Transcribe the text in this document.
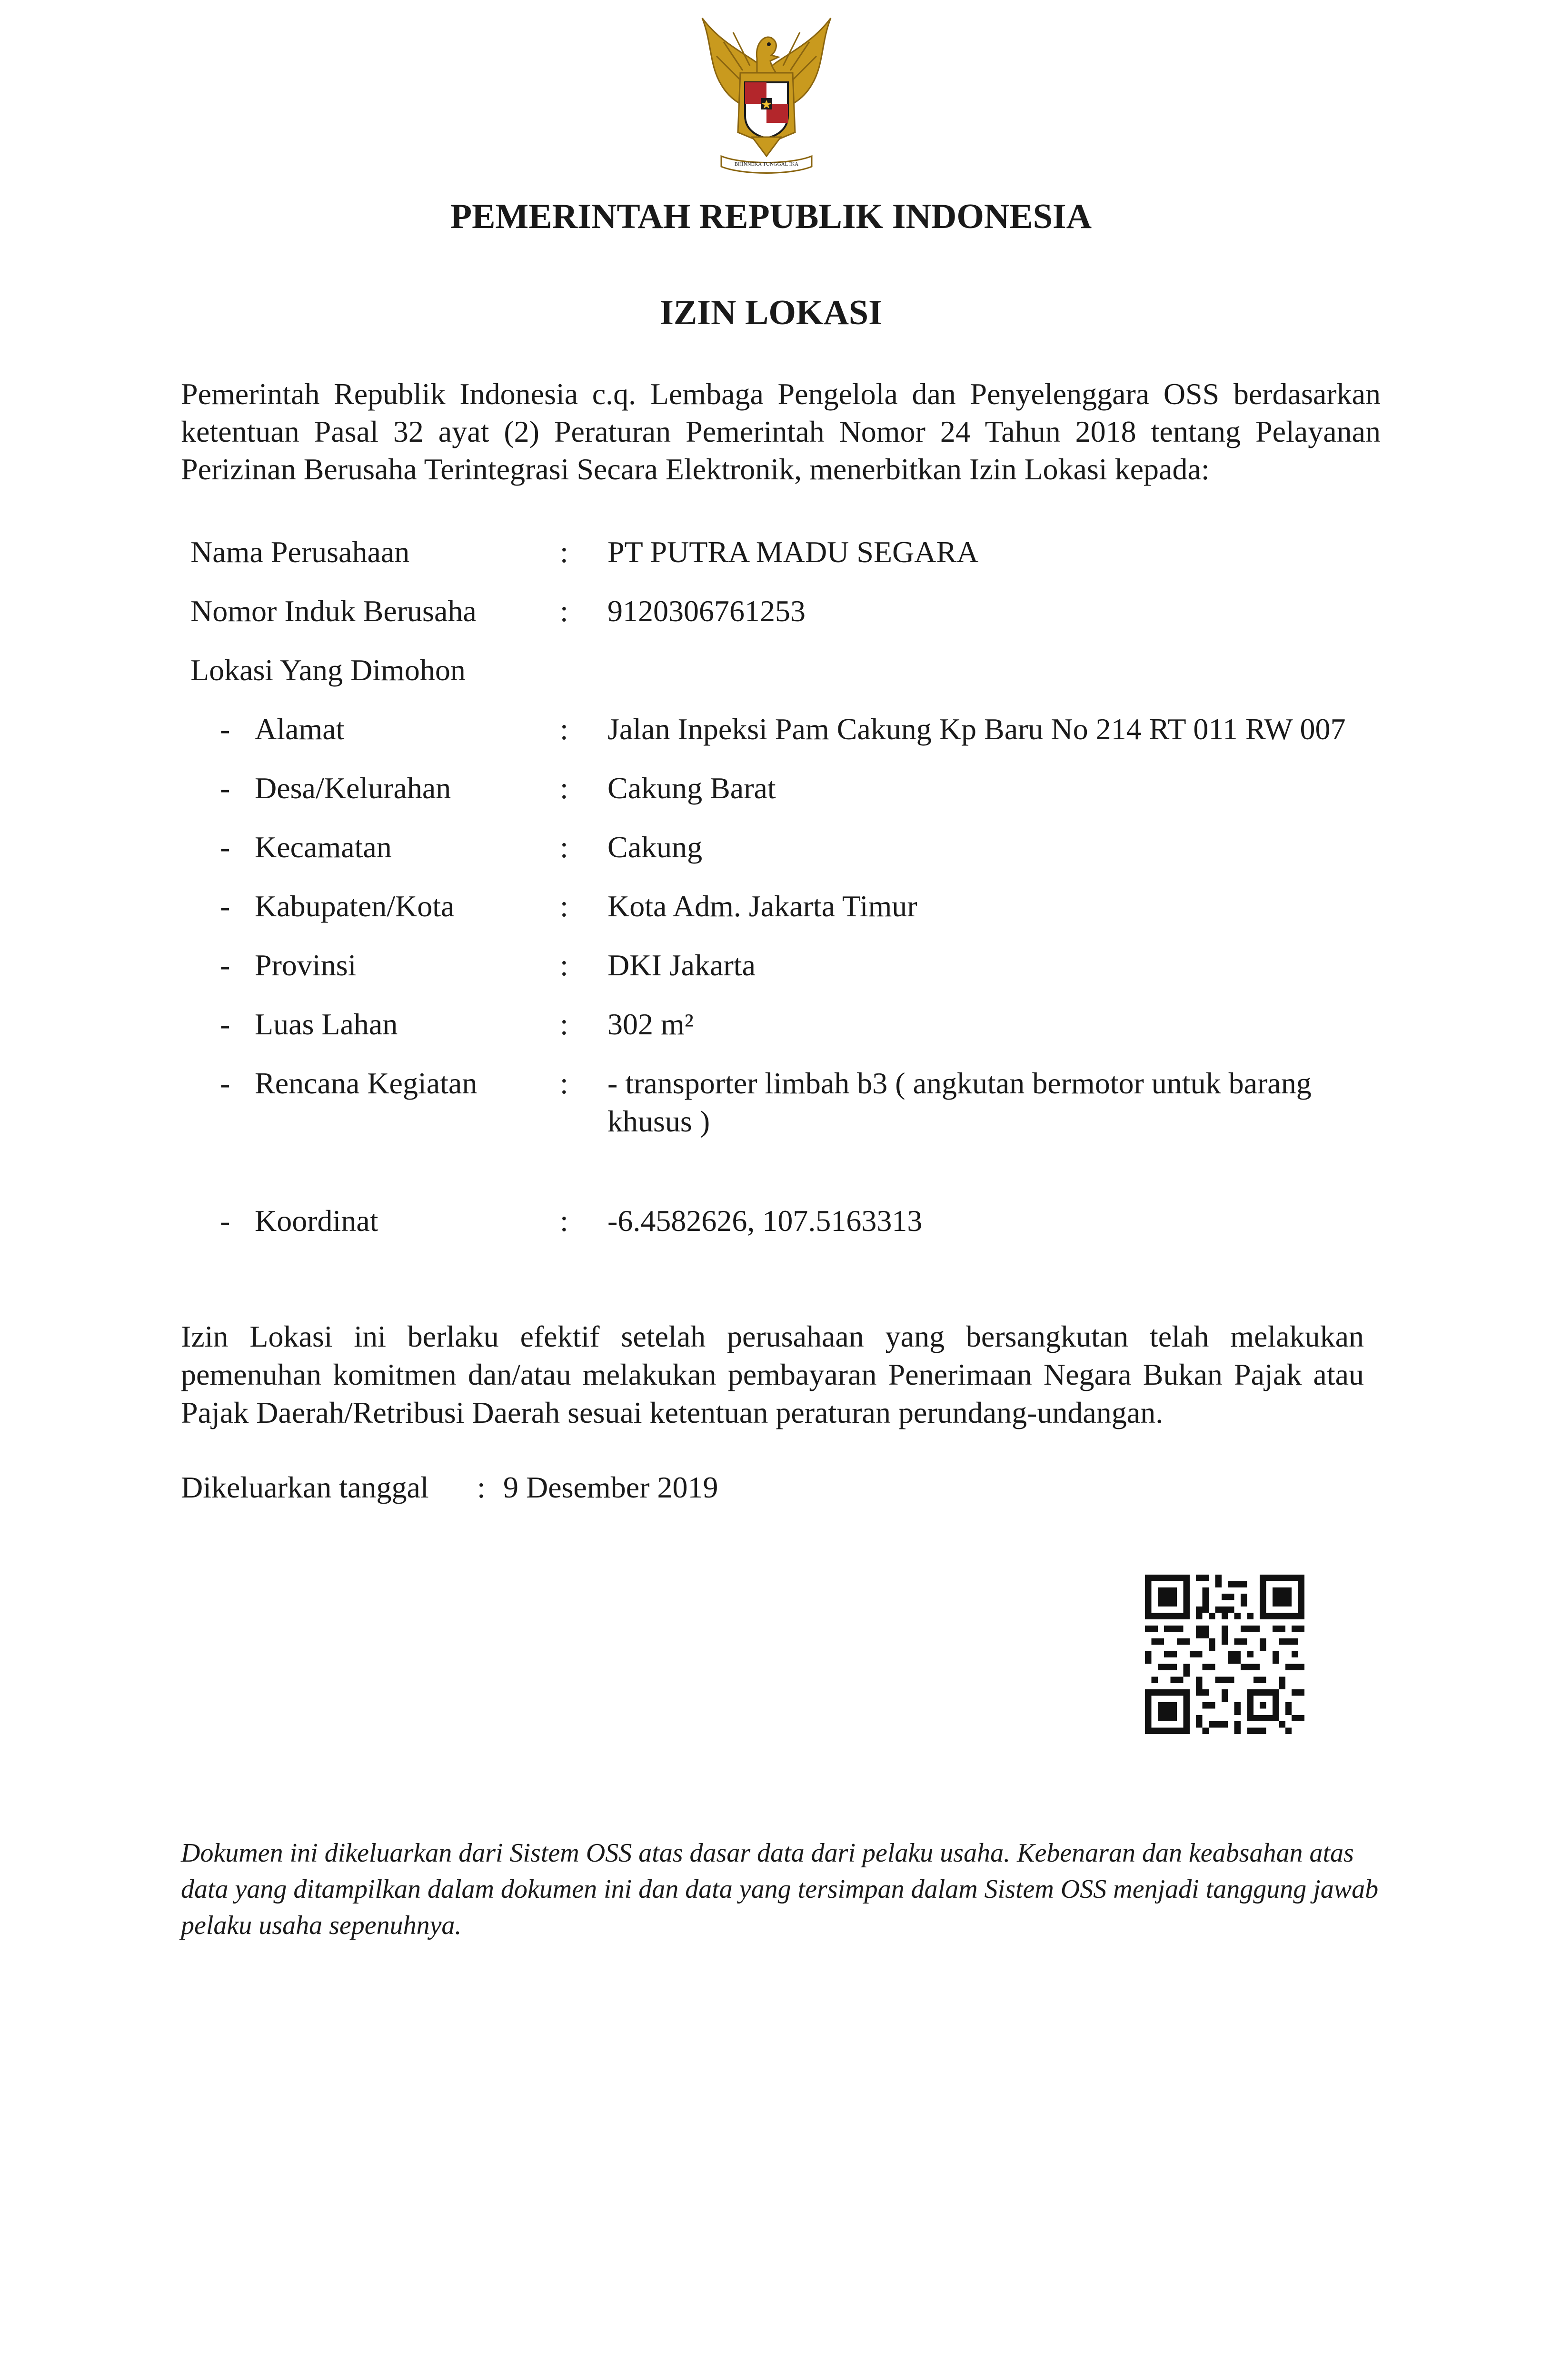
BHINNEKA TUNGGAL IKA
PEMERINTAH REPUBLIK INDONESIA
IZIN LOKASI
Pemerintah Republik Indonesia c.q. Lembaga Pengelola dan Penyelenggara OSS berdasarkan ketentuan Pasal 32 ayat (2) Peraturan Pemerintah Nomor 24 Tahun 2018 tentang Pelayanan Perizinan Berusaha Terintegrasi Secara Elektronik, menerbitkan Izin Lokasi kepada:
Nama Perusahaan	: PT PUTRA MADU SEGARA
Nomor Induk Berusaha	: 9120306761253
Lokasi Yang Dimohon
- Alamat	: Jalan Inpeksi Pam Cakung Kp Baru No 214 RT 011 RW 007
- Desa/Kelurahan	: Cakung Barat
- Kecamatan	: Cakung
- Kabupaten/Kota	: Kota Adm. Jakarta Timur
- Provinsi	: DKI Jakarta
- Luas Lahan	: 302 m²
- Rencana Kegiatan	: - transporter limbah b3 ( angkutan bermotor untuk barang khusus )
- Koordinat	: -6.4582626, 107.5163313
Izin Lokasi ini berlaku efektif setelah perusahaan yang bersangkutan telah melakukan pemenuhan komitmen dan/atau melakukan pembayaran Penerimaan Negara Bukan Pajak atau Pajak Daerah/Retribusi Daerah sesuai ketentuan peraturan perundang-undangan.
Dikeluarkan tanggal : 9 Desember 2019
Dokumen ini dikeluarkan dari Sistem OSS atas dasar data dari pelaku usaha. Kebenaran dan keabsahan atas data yang ditampilkan dalam dokumen ini dan data yang tersimpan dalam Sistem OSS menjadi tanggung jawab pelaku usaha sepenuhnya.
